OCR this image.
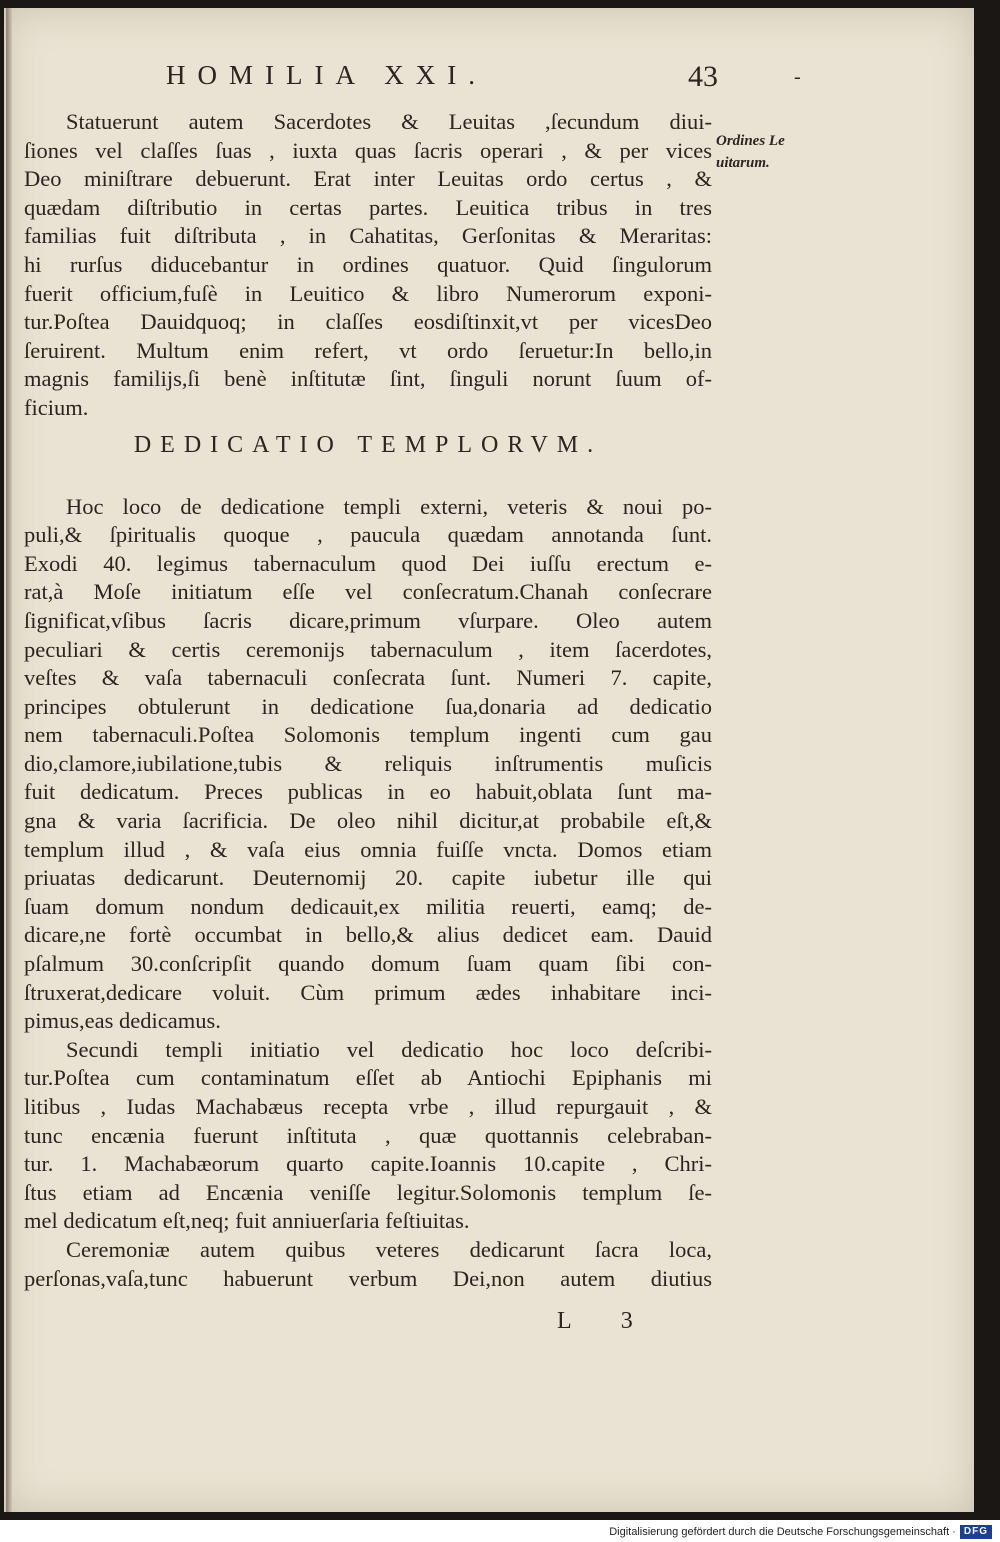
HOMILIA XXI.	43	-
Ordines Le
uitarum.
Statuerunt autem Sacerdotes & Leuitas ,ſecundum diui-
ſiones vel claſſes ſuas , iuxta quas ſacris operari , & per vices
Deo miniſtrare debuerunt. Erat inter Leuitas ordo certus , &
quædam diſtributio in certas partes. Leuitica tribus in tres
familias fuit diſtributa , in Cahatitas, Gerſonitas & Meraritas:
hi rurſus diducebantur in ordines quatuor. Quid ſingulorum
fuerit officium,fuſè in Leuitico & libro Numerorum exponi-
tur.Poſtea Dauidquoq; in claſſes eosdiſtinxit,vt per vicesDeo
ſeruirent. Multum enim refert, vt ordo ſeruetur:In bello,in
magnis familijs,ſi benè inſtitutæ ſint, ſinguli norunt ſuum of-
ficium.
DEDICATIO TEMPLORVM.
Hoc loco de dedicatione templi externi, veteris & noui po-
puli,& ſpiritualis quoque , paucula quædam annotanda ſunt.
Exodi 40. legimus tabernaculum quod Dei iuſſu erectum e-
rat,à Moſe initiatum eſſe vel conſecratum.Chanah conſecrare
ſignificat,vſibus ſacris dicare,primum vſurpare. Oleo autem
peculiari & certis ceremonijs tabernaculum , item ſacerdotes,
veſtes & vaſa tabernaculi conſecrata ſunt. Numeri 7. capite,
principes obtulerunt in dedicatione ſua,donaria ad dedicatio
nem tabernaculi.Poſtea Solomonis templum ingenti cum gau
dio,clamore,iubilatione,tubis & reliquis inſtrumentis muſicis
fuit dedicatum. Preces publicas in eo habuit,oblata ſunt ma-
gna & varia ſacrificia. De oleo nihil dicitur,at probabile eſt,&
templum illud , & vaſa eius omnia fuiſſe vncta. Domos etiam
priuatas dedicarunt. Deuternomij 20. capite iubetur ille qui
ſuam domum nondum dedicauit,ex militia reuerti, eamq; de-
dicare,ne fortè occumbat in bello,& alius dedicet eam. Dauid
pſalmum 30.conſcripſit quando domum ſuam quam ſibi con-
ſtruxerat,dedicare voluit. Cùm primum ædes inhabitare inci-
pimus,eas dedicamus.
Secundi templi initiatio vel dedicatio hoc loco deſcribi-
tur.Poſtea cum contaminatum eſſet ab Antiochi Epiphanis mi
litibus , Iudas Machabæus recepta vrbe , illud repurgauit , &
tunc encænia fuerunt inſtituta , quæ quottannis celebraban-
tur. 1. Machabæorum quarto capite.Ioannis 10.capite , Chri-
ſtus etiam ad Encænia veniſſe legitur.Solomonis templum ſe-
mel dedicatum eſt,neq; fuit anniuerſaria feſtiuitas.
Ceremoniæ autem quibus veteres dedicarunt ſacra loca,
perſonas,vaſa,tunc habuerunt verbum Dei,non autem diutius
L 3
Digitalisierung gefördert durch die Deutsche Forschungsgemeinschaft · DFG
